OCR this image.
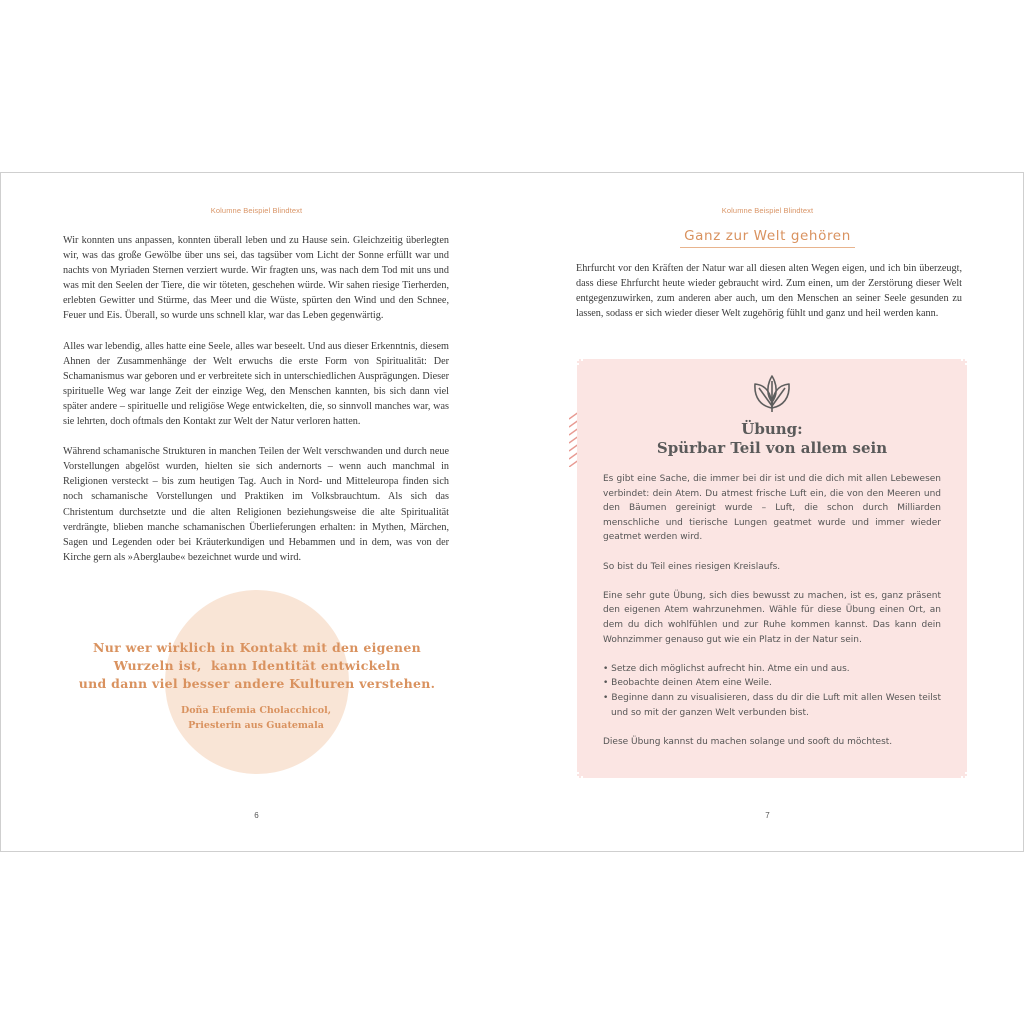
Kolumne Beispiel Blindtext

Wir konnten uns anpassen, konnten überall leben und zu Hause sein. Gleichzeitig überlegten wir, was das große Gewölbe über uns sei, das tagsüber vom Licht der Sonne erfüllt war und nachts von Myriaden Sternen verziert wurde. Wir fragten uns, was nach dem Tod mit uns und was mit den Seelen der Tiere, die wir töteten, geschehen würde. Wir sahen riesige Tierherden, erlebten Gewitter und Stürme, das Meer und die Wüste, spürten den Wind und den Schnee, Feuer und Eis. Überall, so wurde uns schnell klar, war das Leben gegenwärtig.

Alles war lebendig, alles hatte eine Seele, alles war beseelt. Und aus dieser Erkenntnis, diesem Ahnen der Zusammenhänge der Welt erwuchs die erste Form von Spiritualität: Der Schamanismus war geboren und er verbreitete sich in unterschiedlichen Ausprägungen. Dieser spirituelle Weg war lange Zeit der einzige Weg, den Menschen kannten, bis sich dann viel später andere – spirituelle und religiöse Wege entwickelten, die, so sinnvoll manches war, was sie lehrten, doch oftmals den Kontakt zur Welt der Natur verloren hatten.

Während schamanische Strukturen in manchen Teilen der Welt verschwanden und durch neue Vorstellungen abgelöst wurden, hielten sie sich andernorts – wenn auch manchmal in Religionen versteckt – bis zum heutigen Tag. Auch in Nord- und Mitteleuropa finden sich noch schamanische Vorstellungen und Praktiken im Volksbrauchtum. Als sich das Christentum durchsetzte und die alten Religionen beziehungsweise die alte Spiritualität verdrängte, blieben manche schamanischen Überlieferungen erhalten: in Mythen, Märchen, Sagen und Legenden oder bei Kräuterkundigen und Hebammen und in dem, was von der Kirche gern als »Aberglaube« bezeichnet wurde und wird.

Nur wer wirklich in Kontakt mit den eigenen
Wurzeln ist,  kann Identität entwickeln
und dann viel besser andere Kulturen verstehen.
Doña Eufemia Cholacchicol,
Priesterin aus Guatemala
6
Kolumne Beispiel Blindtext
Ganz zur Welt gehören

Ehrfurcht vor den Kräften der Natur war all diesen alten Wegen eigen, und ich bin überzeugt, dass diese Ehrfurcht heute wieder gebraucht wird. Zum einen, um der Zerstörung dieser Welt entgegenzuwirken, zum anderen aber auch, um den Menschen an seiner Seele gesunden zu lassen, sodass er sich wieder dieser Welt zugehörig fühlt und ganz und heil werden kann.

Übung:
Spürbar Teil von allem sein

Es gibt eine Sache, die immer bei dir ist und die dich mit allen Lebewesen verbindet: dein Atem. Du atmest frische Luft ein, die von den Meeren und den Bäumen gereinigt wurde – Luft, die schon durch Milliarden menschliche und tierische Lungen geatmet wurde und immer wieder geatmet werden wird.

So bist du Teil eines riesigen Kreislaufs.

Eine sehr gute Übung, sich dies bewusst zu machen, ist es, ganz präsent den eigenen Atem wahrzunehmen. Wähle für diese Übung einen Ort, an dem du dich wohlfühlen und zur Ruhe kommen kannst. Das kann dein Wohnzimmer genauso gut wie ein Platz in der Natur sein.

• Setze dich möglichst aufrecht hin. Atme ein und aus.
• Beobachte deinen Atem eine Weile.
• Beginne dann zu visualisieren, dass du dir die Luft mit allen Wesen teilst und so mit der ganzen Welt verbunden bist.

Diese Übung kannst du machen solange und sooft du möchtest.

7
